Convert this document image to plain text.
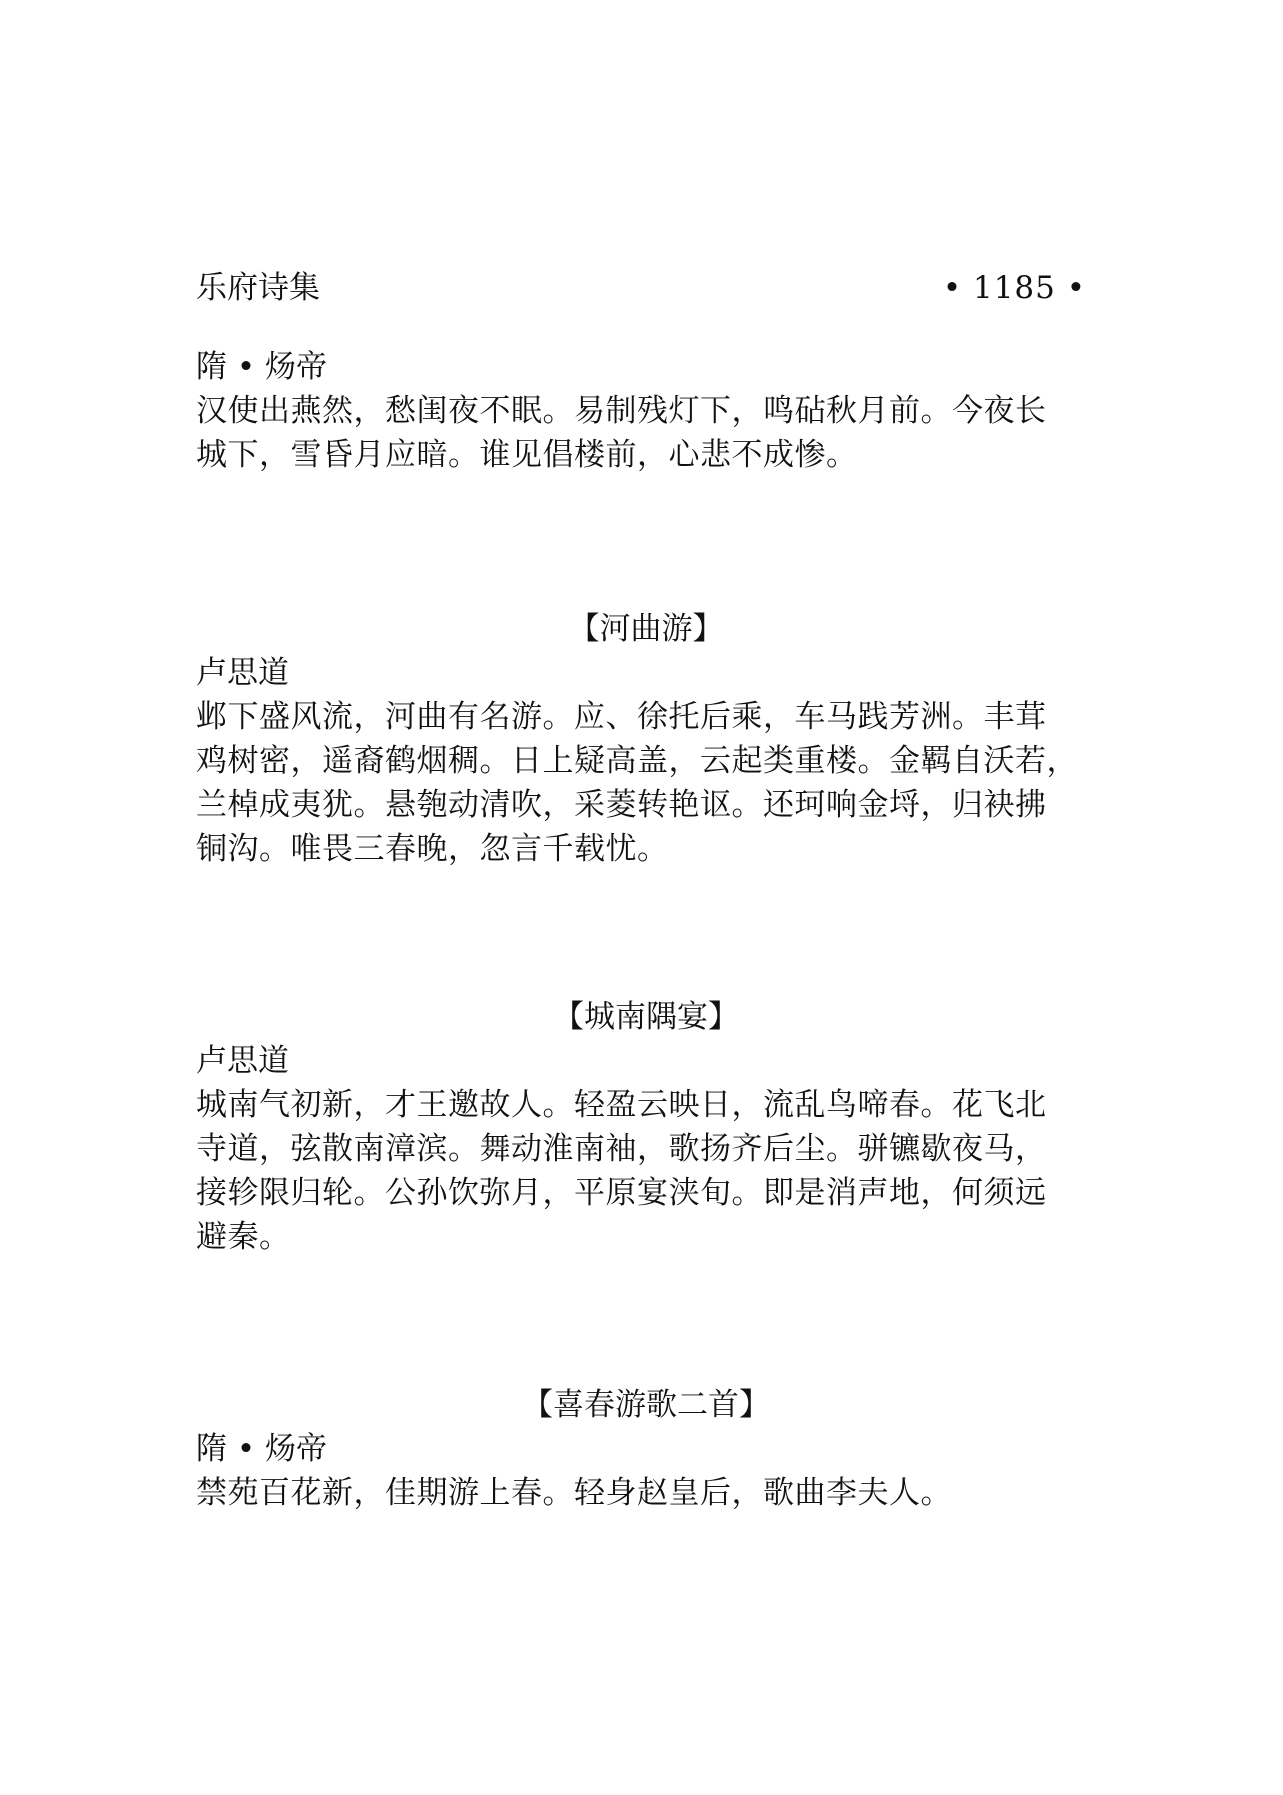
乐府诗集	• 1185 •
隋 • 炀帝
汉使出燕然，愁闺夜不眠。易制残灯下，鸣砧秋月前。今夜长
城下，雪昏月应暗。谁见倡楼前，心悲不成惨。
【河曲游】
卢思道
邺下盛风流，河曲有名游。应、徐托后乘，车马践芳洲。丰茸
鸡树密，遥裔鹤烟稠。日上疑高盖，云起类重楼。金羁自沃若，
兰棹成夷犹。悬匏动清吹，采菱转艳讴。还珂响金埒，归袂拂
铜沟。唯畏三春晚，忽言千载忧。
【城南隅宴】
卢思道
城南气初新，才王邀故人。轻盈云映日，流乱鸟啼春。花飞北
寺道，弦散南漳滨。舞动淮南袖，歌扬齐后尘。骈镳歇夜马，
接轸限归轮。公孙饮弥月，平原宴浃旬。即是消声地，何须远
避秦。
【喜春游歌二首】
隋 • 炀帝
禁苑百花新，佳期游上春。轻身赵皇后，歌曲李夫人。
